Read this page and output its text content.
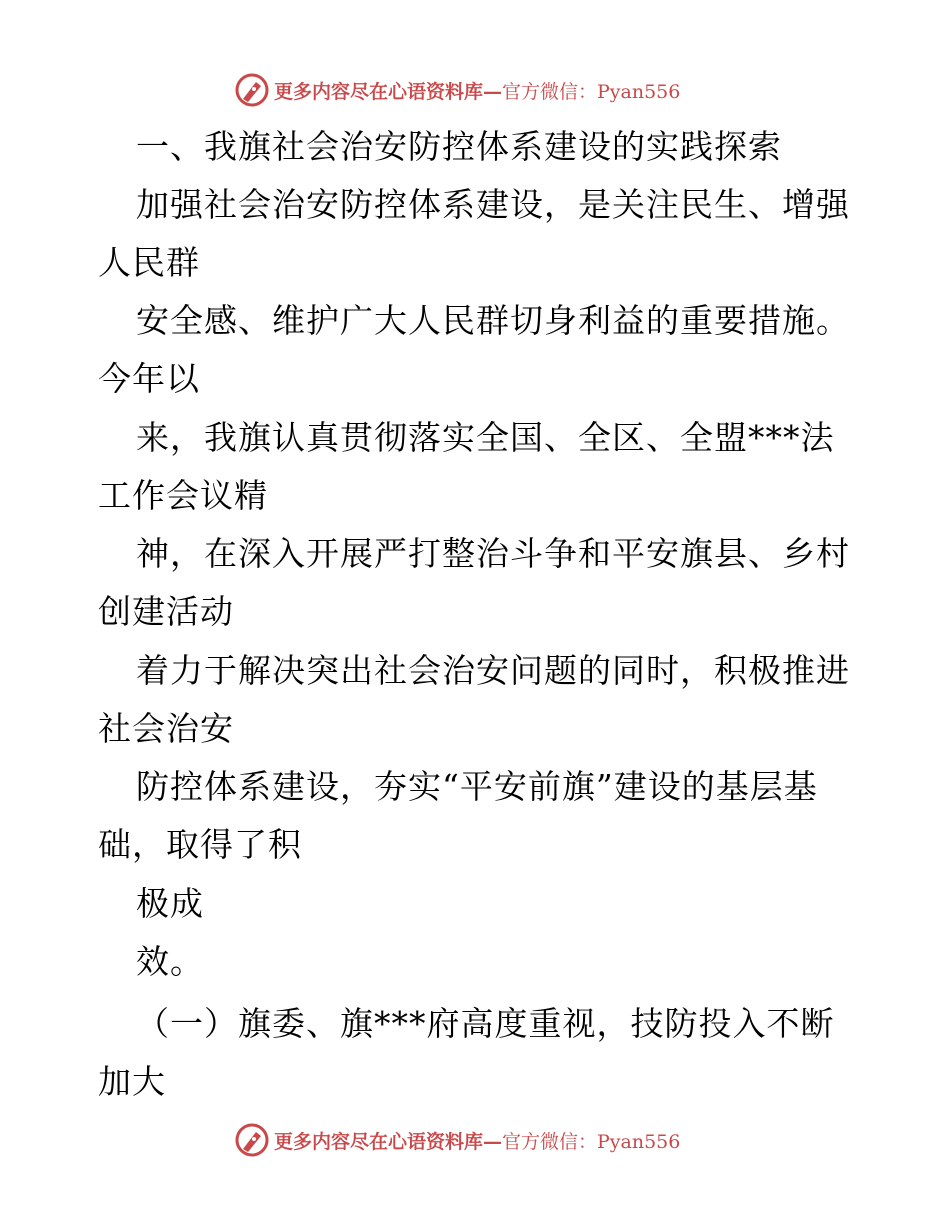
更多内容尽在心语资料库— 官方微信：Pyan556
一、我旗社会治安防控体系建设的实践探索
加强社会治安防控体系建设，是关注民生、增强
人民群
安全感、维护广大人民群切身利益的重要措施。
今年以
来，我旗认真贯彻落实全国、全区、全盟***法
工作会议精
神，在深入开展严打整治斗争和平安旗县、乡村
创建活动
着力于解决突出社会治安问题的同时，积极推进
社会治安
防控体系建设，夯实“平安前旗”建设的基层基
础，取得了积
极成
效。
（一）旗委、旗***府高度重视，技防投入不断
加大
更多内容尽在心语资料库— 官方微信：Pyan556
